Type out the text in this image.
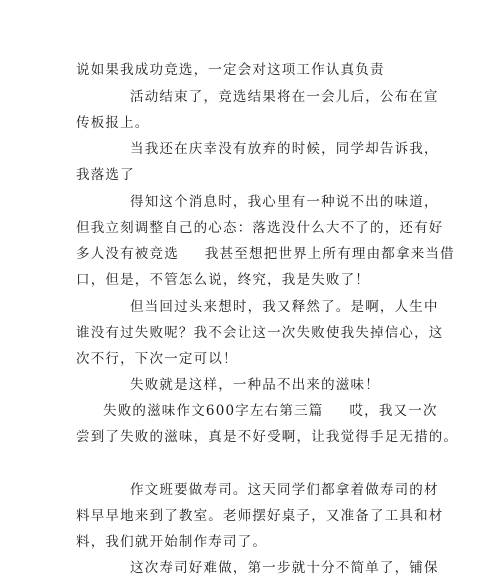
说如果我成功竞选，一定会对这项工作认真负责
活动结束了，竞选结果将在一会儿后，公布在宣
传板报上。
当我还在庆幸没有放弃的时候，同学却告诉我，
我落选了
得知这个消息时，我心里有一种说不出的味道，
但我立刻调整自己的心态：落选没什么大不了的，还有好
多人没有被竞选 我甚至想把世界上所有理由都拿来当借
口，但是，不管怎么说，终究，我是失败了！
但当回过头来想时，我又释然了。是啊，人生中
谁没有过失败呢？我不会让这一次失败使我失掉信心，这
次不行，下次一定可以！
失败就是这样，一种品不出来的滋味！
失败的滋味作文600字左右第三篇 哎，我又一次
尝到了失败的滋味，真是不好受啊，让我觉得手足无措的。
作文班要做寿司。这天同学们都拿着做寿司的材
料早早地来到了教室。老师摆好桌子，又准备了工具和材
料，我们就开始制作寿司了。
这次寿司好难做，第一步就十分不简单了，铺保
